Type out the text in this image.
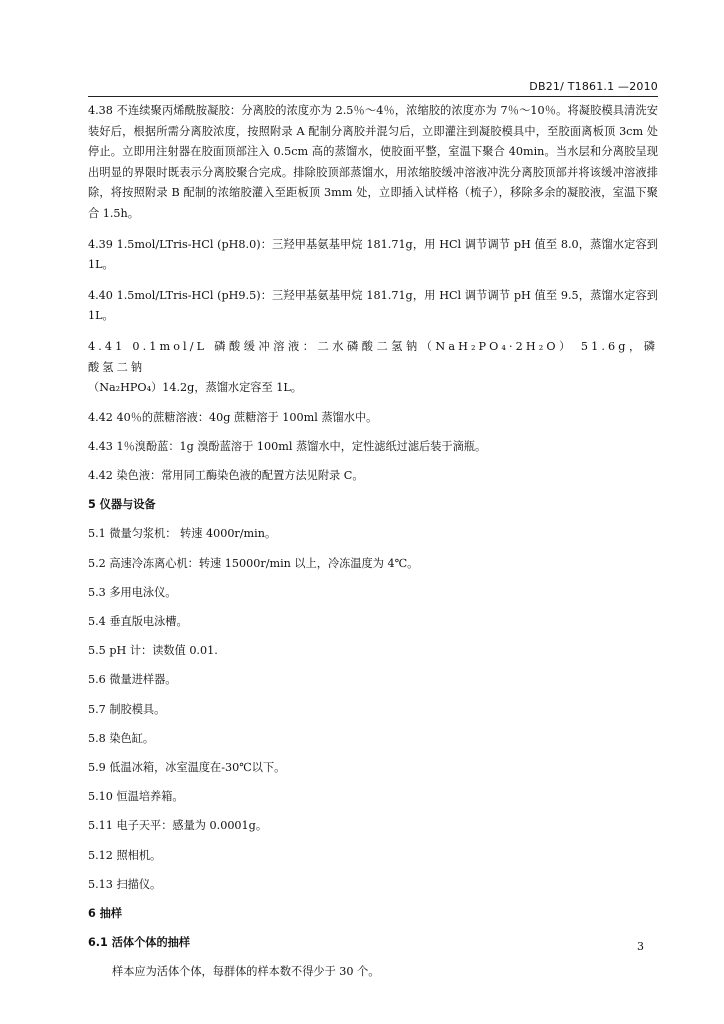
DB21/ T1861.1 —2010

4.38 不连续聚丙烯酰胺凝胶：分离胶的浓度亦为 2.5％～4％，浓缩胶的浓度亦为 7％～10％。将凝胶模具清洗安装好后，根据所需分离胶浓度，按照附录 A 配制分离胶并混匀后，立即灌注到凝胶模具中，至胶面离板顶 3cm 处停止。立即用注射器在胶面顶部注入 0.5cm 高的蒸馏水，使胶面平整，室温下聚合 40min。当水层和分离胶呈现出明显的界限时既表示分离胶聚合完成。排除胶顶部蒸馏水，用浓缩胶缓冲溶液冲洗分离胶顶部并将该缓冲溶液排除，将按照附录 B 配制的浓缩胶灌入至距板顶 3mm 处，立即插入试样格（梳子），移除多余的凝胶液，室温下聚合 1.5h。

4.39 1.5mol/LTris-HCl (pH8.0)：三羟甲基氨基甲烷 181.71g，用 HCl 调节调节 pH 值至 8.0，蒸馏水定容到 1L。

4.40 1.5mol/LTris-HCl (pH9.5)：三羟甲基氨基甲烷 181.71g，用 HCl 调节调节 pH 值至 9.5，蒸馏水定容到 1L。

4.41 0.1mol/L 磷酸缓冲溶液：二水磷酸二氢钠（NaH₂PO₄·2H₂O） 51.6g，磷酸氢二钠
（Na₂HPO₄）14.2g，蒸馏水定容至 1L。

4.42 40％的蔗糖溶液：40g 蔗糖溶于 100ml 蒸馏水中。

4.43 1％溴酚蓝：1g 溴酚蓝溶于 100ml 蒸馏水中，定性滤纸过滤后装于滴瓶。

4.42 染色液：常用同工酶染色液的配置方法见附录 C。

5 仪器与设备

5.1 微量匀浆机： 转速 4000r/min。

5.2 高速冷冻离心机：转速 15000r/min 以上，冷冻温度为 4℃。

5.3 多用电泳仪。

5.4 垂直版电泳槽。

5.5 pH 计：读数值 0.01.

5.6 微量进样器。

5.7 制胶模具。

5.8 染色缸。

5.9 低温冰箱，冰室温度在-30℃以下。

5.10 恒温培养箱。

5.11 电子天平：感量为 0.0001g。

5.12 照相机。

5.13 扫描仪。

6 抽样

6.1 活体个体的抽样

样本应为活体个体，每群体的样本数不得少于 30 个。

3
